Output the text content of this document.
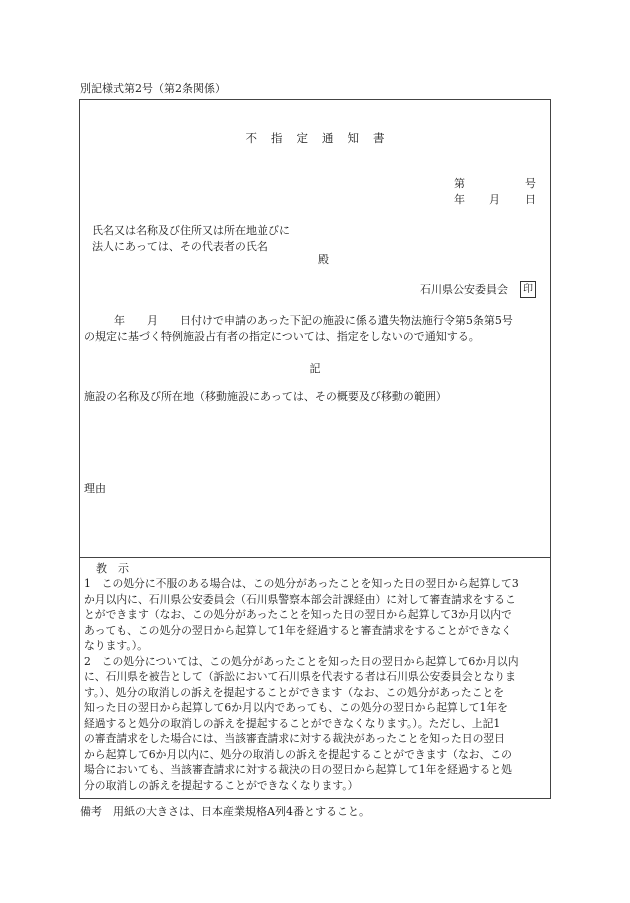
別記様式第2号（第2条関係）
不指定通知書
第	号
年 月 日
氏名又は名称及び住所又は所在地並びに
法人にあっては、その代表者の氏名
殿
石川県公安委員会	印
年　　月　　日付けで申請のあった下記の施設に係る遺失物法施行令第5条第5号
の規定に基づく特例施設占有者の指定については、指定をしないので通知する。
記
施設の名称及び所在地（移動施設にあっては、その概要及び移動の範囲）
理由
教　示
1　この処分に不服のある場合は、この処分があったことを知った日の翌日から起算して3
か月以内に、石川県公安委員会（石川県警察本部会計課経由）に対して審査請求をするこ
とができます（なお、この処分があったことを知った日の翌日から起算して3か月以内で
あっても、この処分の翌日から起算して1年を経過すると審査請求をすることができなく
なります。）。
2　この処分については、この処分があったことを知った日の翌日から起算して6か月以内
に、石川県を被告として（訴訟において石川県を代表する者は石川県公安委員会となりま
す。）、処分の取消しの訴えを提起することができます（なお、この処分があったことを
知った日の翌日から起算して6か月以内であっても、この処分の翌日から起算して1年を
経過すると処分の取消しの訴えを提起することができなくなります。）。ただし、上記1
の審査請求をした場合には、当該審査請求に対する裁決があったことを知った日の翌日
から起算して6か月以内に、処分の取消しの訴えを提起することができます（なお、この
場合においても、当該審査請求に対する裁決の日の翌日から起算して1年を経過すると処
分の取消しの訴えを提起することができなくなります。）
備考　用紙の大きさは、日本産業規格A列4番とすること。
